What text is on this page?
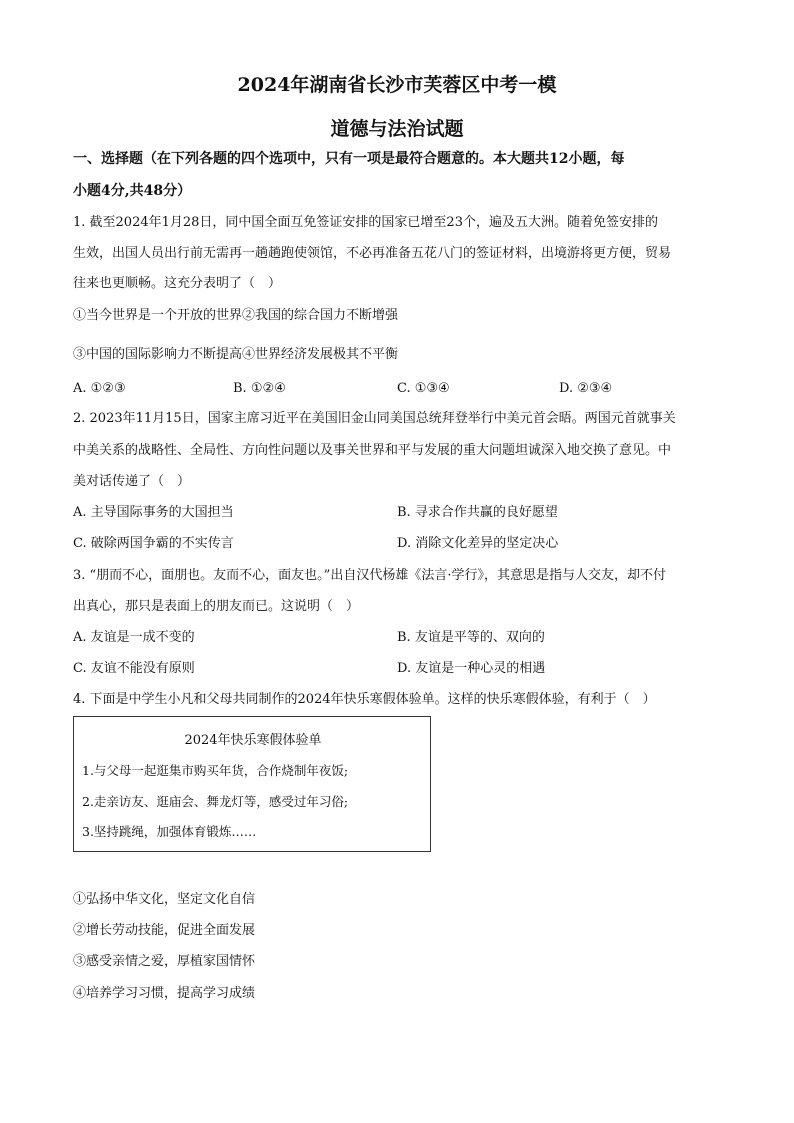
2024年湖南省长沙市芙蓉区中考一模
道德与法治试题
一、选择题（在下列各题的四个选项中，只有一项是最符合题意的。本大题共12小题，每
小题4分,共48分）
1. 截至2024年1月28日，同中国全面互免签证安排的国家已增至23个，遍及五大洲。随着免签安排的
生效，出国人员出行前无需再一趟趟跑使领馆，不必再准备五花八门的签证材料，出境游将更方便，贸易
往来也更顺畅。这充分表明了（　）
①当今世界是一个开放的世界②我国的综合国力不断增强
③中国的国际影响力不断提高④世界经济发展极其不平衡
A. ①②③	B. ①②④	C. ①③④	D. ②③④
2. 2023年11月15日，国家主席习近平在美国旧金山同美国总统拜登举行中美元首会晤。两国元首就事关
中美关系的战略性、全局性、方向性问题以及事关世界和平与发展的重大问题坦诚深入地交换了意见。中
美对话传递了（　）
A. 主导国际事务的大国担当	B. 寻求合作共赢的良好愿望
C. 破除两国争霸的不实传言	D. 消除文化差异的坚定决心
3. “朋而不心，面朋也。友而不心，面友也。”出自汉代杨雄《法言·学行》，其意思是指与人交友，却不付
出真心，那只是表面上的朋友而已。这说明（　）
A. 友谊是一成不变的	B. 友谊是平等的、双向的
C. 友谊不能没有原则	D. 友谊是一种心灵的相遇
4. 下面是中学生小凡和父母共同制作的2024年快乐寒假体验单。这样的快乐寒假体验，有利于（　）
2024年快乐寒假体验单
1.与父母一起逛集市购买年货，合作烧制年夜饭;
2.走亲访友、逛庙会、舞龙灯等，感受过年习俗;
3.坚持跳绳，加强体育锻炼……
①弘扬中华文化，坚定文化自信
②增长劳动技能，促进全面发展
③感受亲情之爱，厚植家国情怀
④培养学习习惯，提高学习成绩
